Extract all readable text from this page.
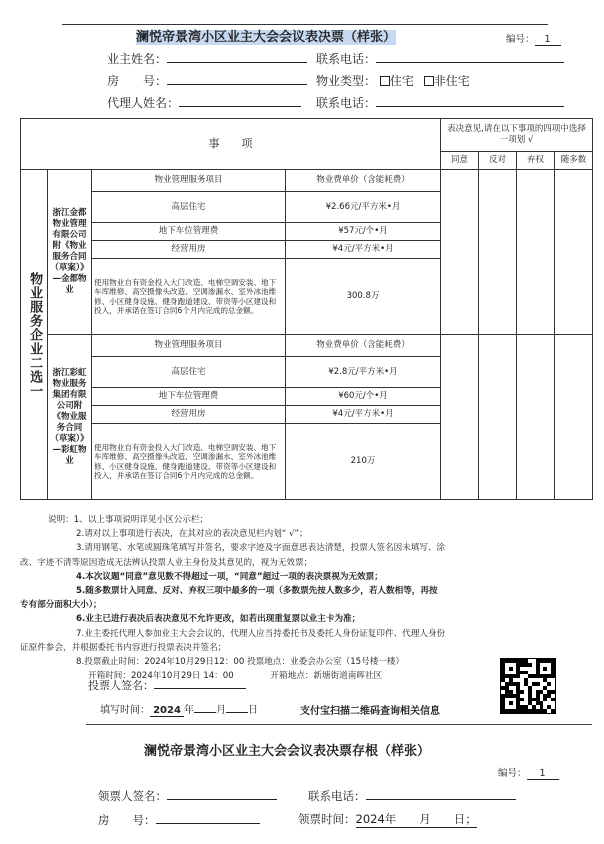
澜悦帝景湾小区业主大会会议表决票（样张）	编号： 1
业主姓名：	联系电话：
房　　号：	物业类型： 住宅 非住宅
代理人姓名：	联系电话：
事　　项				表决意见,请在以下事项的四项中选择一项划 √			
				同意	反对	弃权	随多数

物业服务企业二选一	浙江金都物业管理有限公司附《物业服务合同（草案）》—金都物业	物业管理服务项目	物业费单价（含能耗费）				
		高层住宅	¥2.66元/平方米•月				
		地下车位管理费	¥57元/个•月				
		经营用房	¥4元/平方米•月				
		使用物业自有资金投入大门改造、电梯空调安装、地下车库维修、高空摄像头改造、空调渗漏水、室外冰池维修、小区健身设施、健身跑道建设、带资等小区建设和投入，并承诺在签订合同6个月内完成的总金额。	300.8万				

	浙江彩虹物业服务集团有限公司附《物业服务合同（草案）》—彩虹物业	物业管理服务项目	物业费单价（含能耗费）				
		高层住宅	¥2.8元/平方米•月				
		地下车位管理费	¥60元/个•月				
		经营用房	¥4元/平方米•月				
		使用物业自有资金投入大门改造、电梯空调安装、地下车库维修、高空摄像头改造、空调渗漏水、室外冰池维修、小区健身设施、健身跑道建设、带资等小区建设和投入，并承诺在签订合同6个月内完成的总金额。	210万				
说明：1、以上事项说明详见小区公示栏；
2.请对以上事项进行表决，在其对应的表决意见栏内划“ √”；
3.请用钢笔、水笔或圆珠笔填写并签名，要求字迹及字面意思表达清楚，投票人签名因未填写、涂
改、字迹不清等原因造成无法辨认投票人业主身份及其意见的，视为无效票；
4.本次议题“同意”意见数不得超过一项，“同意”超过一项的表决票视为无效票；
5.随多数票计入同意、反对、弃权三项中最多的一项（多数票先按人数多少，若人数相等，再按
专有部分面积大小）；
6.业主已进行表决后表决意见不允许更改，如若出现重复票以业主卡为准；
7.业主委托代理人参加业主大会会议的，代理人应当持委托书及委托人身份证复印件、代理人身份
证原件参会，并根据委托书内容进行投票表决并签名；
8.投票截止时间：2024年10月29日12：00 投票地点：业委会办公室（15号楼一楼）
开箱时间：2024年10月29日 14：00	开箱地点：新塘街道南晖社区
投票人签名：
填写时间： 2024 年 月 日	支付宝扫描二维码查询相关信息
澜悦帝景湾小区业主大会会议表决票存根（样张）
编号： 1
领票人签名：	联系电话：
房　　号：	领票时间：2024年　　月　　日；
